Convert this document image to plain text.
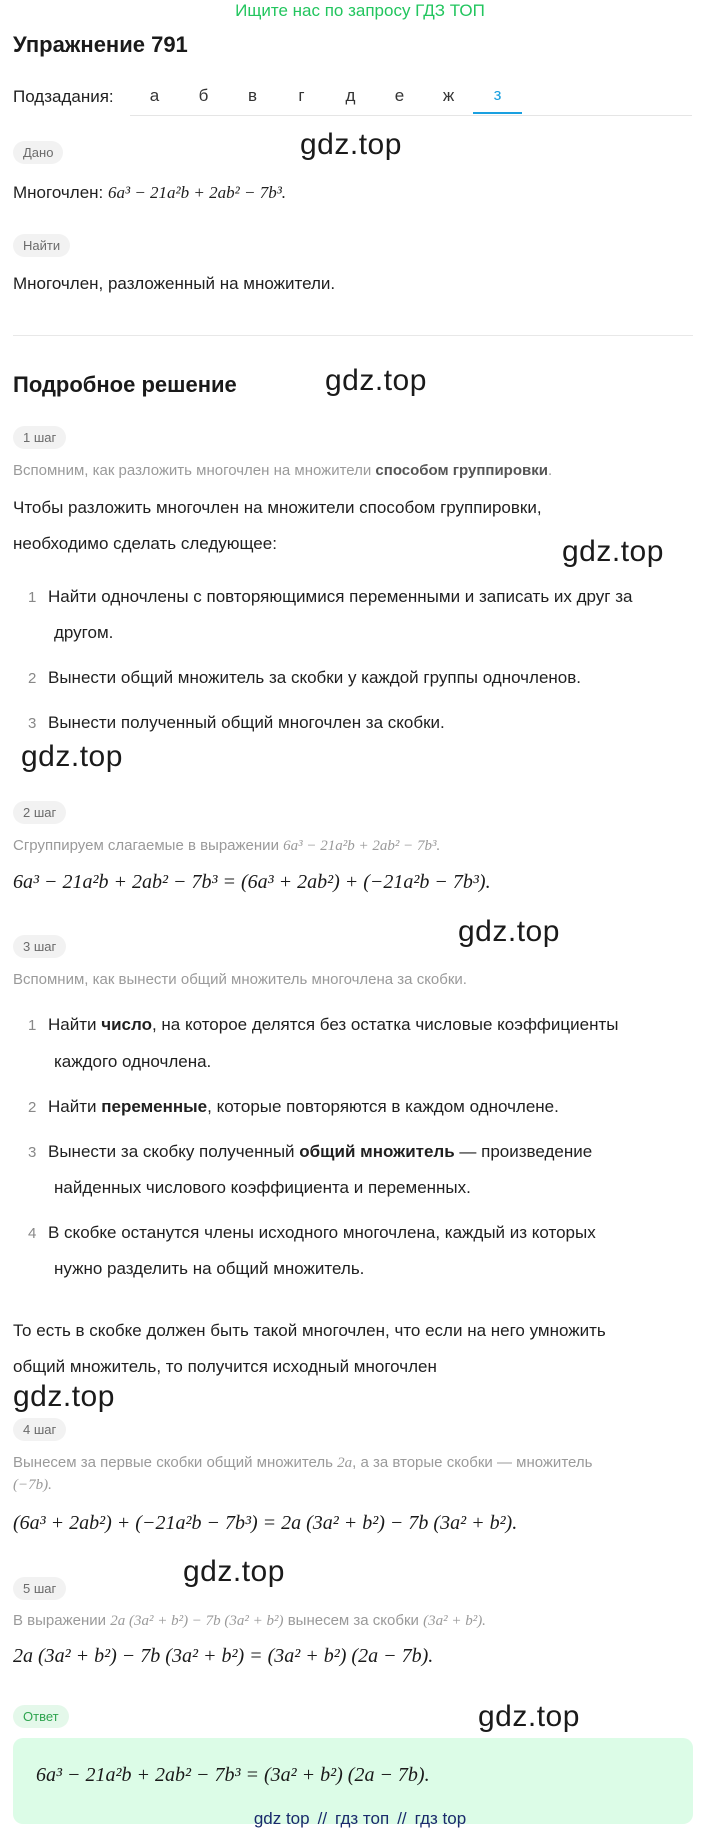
Ищите нас по запросу ГДЗ ТОП
Упражнение 791
Подзадания:	а	б	в	г	д	е	ж	з
Дано	gdz.top
Многочлен: 6a³ − 21a²b + 2ab² − 7b³.
Найти
Многочлен, разложенный на множители.
Подробное решение	gdz.top
1 шаг
Вспомним, как разложить многочлен на множители способом группировки.
Чтобы разложить многочлен на множители способом группировки,
необходимо сделать следующее:	gdz.top
1 Найти одночлены с повторяющимися переменными и записать их друг за
другом.
2 Вынести общий множитель за скобки у каждой группы одночленов.
3 Вынести полученный общий многочлен за скобки.
gdz.top
2 шаг
Сгруппируем слагаемые в выражении 6a³ − 21a²b + 2ab² − 7b³.
6a³ − 21a²b + 2ab² − 7b³ = (6a³ + 2ab²) + (−21a²b − 7b³).
gdz.top
3 шаг
Вспомним, как вынести общий множитель многочлена за скобки.
1 Найти число, на которое делятся без остатка числовые коэффициенты
каждого одночлена.
2 Найти переменные, которые повторяются в каждом одночлене.
3 Вынести за скобку полученный общий множитель — произведение
найденных числового коэффициента и переменных.
4 В скобке останутся члены исходного многочлена, каждый из которых
нужно разделить на общий множитель.
То есть в скобке должен быть такой многочлен, что если на него умножить
общий множитель, то получится исходный многочлен
gdz.top
4 шаг
Вынесем за первые скобки общий множитель 2a, а за вторые скобки — множитель
(−7b).
(6a³ + 2ab²) + (−21a²b − 7b³) = 2a (3a² + b²) − 7b (3a² + b²).
gdz.top
5 шаг
В выражении 2a (3a² + b²) − 7b (3a² + b²) вынесем за скобки (3a² + b²).
2a (3a² + b²) − 7b (3a² + b²) = (3a² + b²) (2a − 7b).
Ответ	gdz.top
6a³ − 21a²b + 2ab² − 7b³ = (3a² + b²) (2a − 7b).
gdz top // гдз топ // гдз top
